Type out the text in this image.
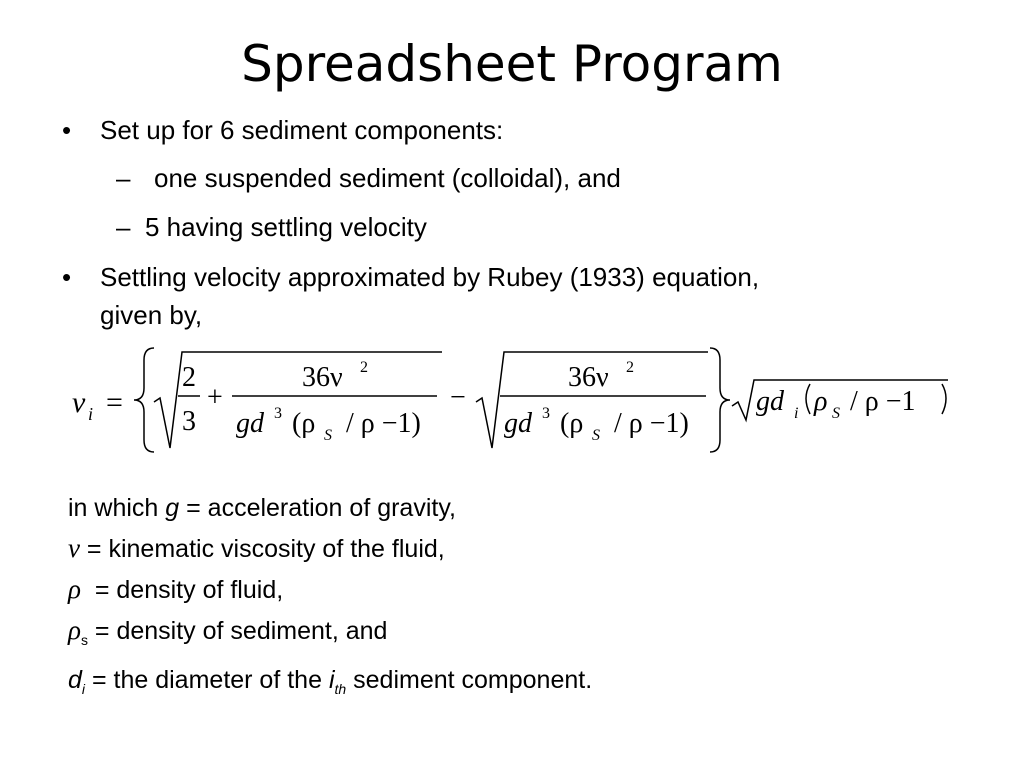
Spreadsheet Program
• Set up for 6 sediment components:
– one suspended sediment (colloidal), and
– 5 having settling velocity
• Settling velocity approximated by Rubey (1933) equation,
given by,
v i =
2
3
+
36ν 2
gd 3 (ρ S / ρ −1)
−
36ν 2
gd 3 (ρ S / ρ −1)
gd i ρ S / ρ −1
in which g = acceleration of gravity,
ν = kinematic viscosity of the fluid,
ρ  = density of fluid,
$\rho_s$ = density of sediment, and
$d_i$ = the diameter of the $i_{th}$ sediment component.
